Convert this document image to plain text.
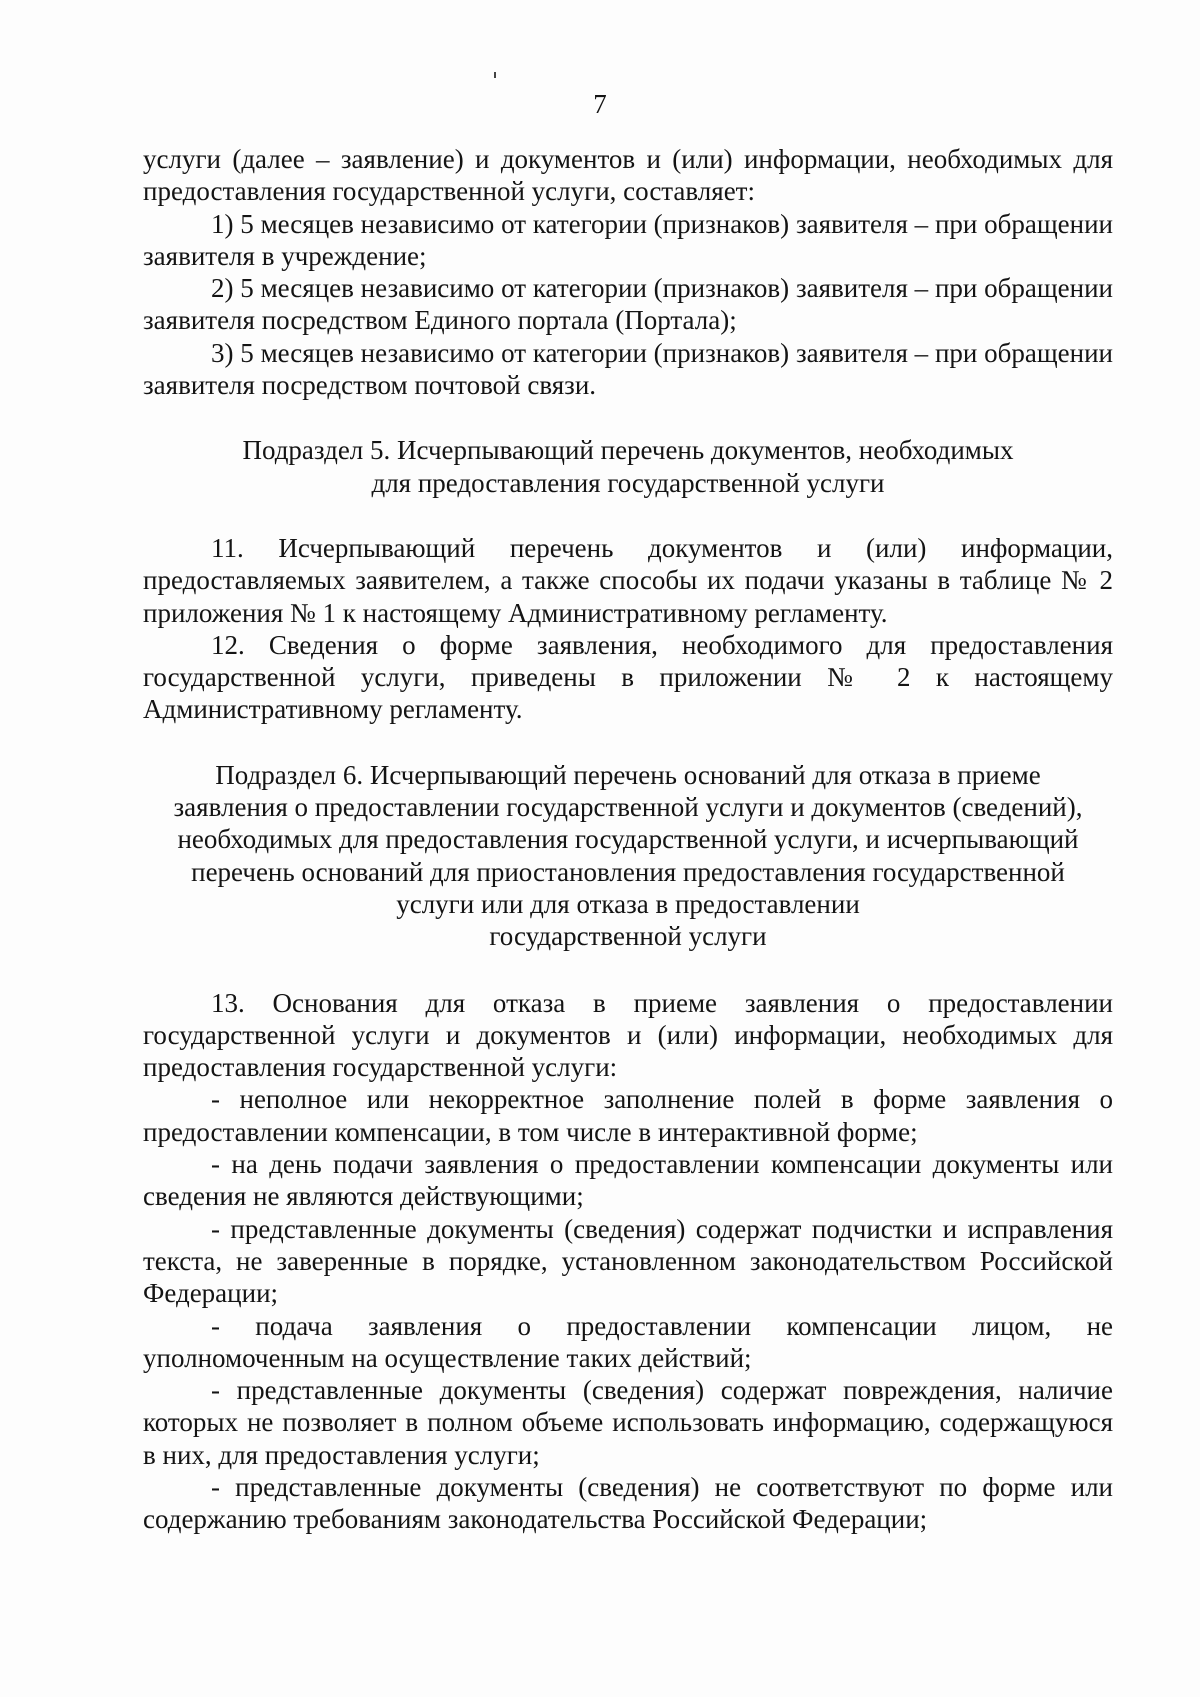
7

услуги (далее – заявление) и документов и (или) информации, необходимых для предоставления государственной услуги, составляет:

1) 5 месяцев независимо от категории (признаков) заявителя – при обращении заявителя в учреждение;

2) 5 месяцев независимо от категории (признаков) заявителя – при обращении заявителя посредством Единого портала (Портала);

3) 5 месяцев независимо от категории (признаков) заявителя – при обращении заявителя посредством почтовой связи.

Подраздел 5. Исчерпывающий перечень документов, необходимых
для предоставления государственной услуги

11. Исчерпывающий перечень документов и (или) информации, предоставляемых заявителем, а также способы их подачи указаны в таблице № 2 приложения № 1 к настоящему Административному регламенту.

12. Сведения о форме заявления, необходимого для предоставления государственной услуги, приведены в приложении № 2 к настоящему Административному регламенту.

Подраздел 6. Исчерпывающий перечень оснований для отказа в приеме
заявления о предоставлении государственной услуги и документов (сведений),
необходимых для предоставления государственной услуги, и исчерпывающий
перечень оснований для приостановления предоставления государственной
услуги или для отказа в предоставлении
государственной услуги

13. Основания для отказа в приеме заявления о предоставлении государственной услуги и документов и (или) информации, необходимых для предоставления государственной услуги:

- неполное или некорректное заполнение полей в форме заявления о предоставлении компенсации, в том числе в интерактивной форме;

- на день подачи заявления о предоставлении компенсации документы или сведения не являются действующими;

- представленные документы (сведения) содержат подчистки и исправления текста, не заверенные в порядке, установленном законодательством Российской Федерации;

- подача заявления о предоставлении компенсации лицом, не уполномоченным на осуществление таких действий;

- представленные документы (сведения) содержат повреждения, наличие которых не позволяет в полном объеме использовать информацию, содержащуюся в них, для предоставления услуги;

- представленные документы (сведения) не соответствуют по форме или содержанию требованиям законодательства Российской Федерации;
